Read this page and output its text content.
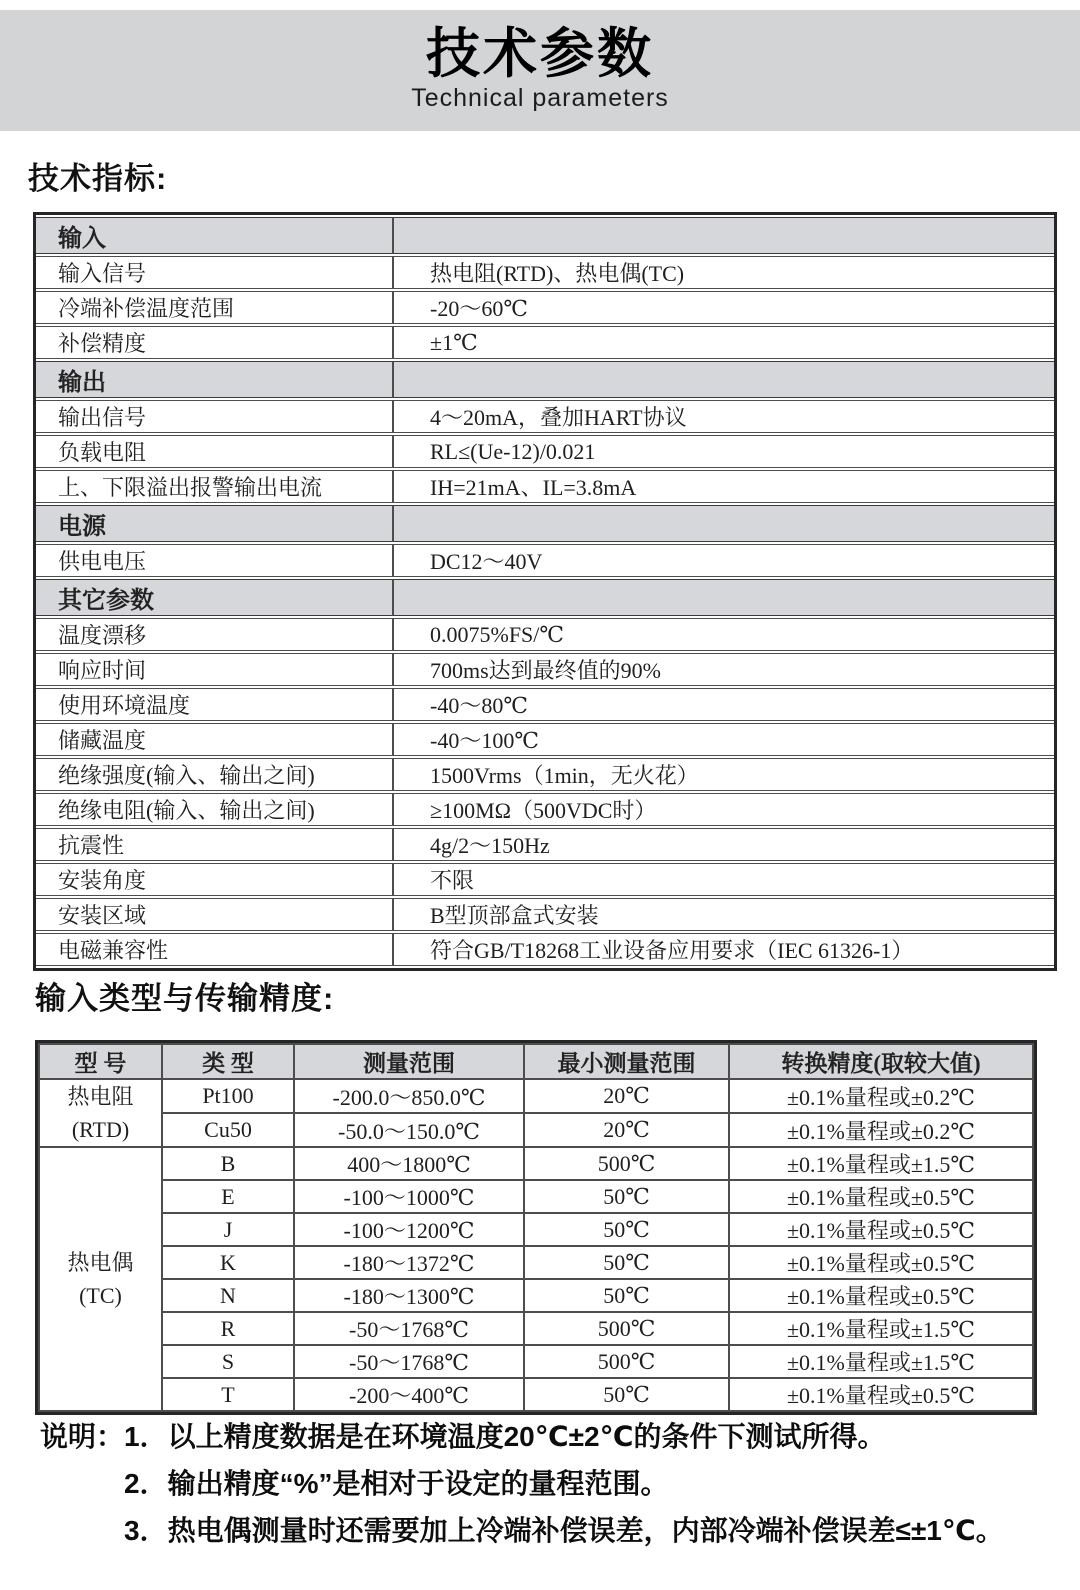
技术参数
Technical parameters
技术指标:
输入	
输入信号	热电阻(RTD)、热电偶(TC)
冷端补偿温度范围	-20～60℃
补偿精度	±1℃
输出	
输出信号	4～20mA，叠加HART协议
负载电阻	RL≤(Ue-12)/0.021
上、下限溢出报警输出电流	IH=21mA、IL=3.8mA
电源	
供电电压	DC12～40V
其它参数	
温度漂移	0.0075%FS/℃
响应时间	700ms达到最终值的90%
使用环境温度	-40～80℃
储藏温度	-40～100℃
绝缘强度(输入、输出之间)	1500Vrms（1min，无火花）
绝缘电阻(输入、输出之间)	≥100MΩ（500VDC时）
抗震性	4g/2～150Hz
安装角度	不限
安装区域	B型顶部盒式安装
电磁兼容性	符合GB/T18268工业设备应用要求（IEC 61326-1）
输入类型与传输精度:
型 号	类 型	测量范围	最小测量范围	转换精度(取较大值)

热电阻
(RTD)	Pt100	-200.0～850.0℃	20℃	±0.1%量程或±0.2℃
	Cu50	-50.0～150.0℃	20℃	±0.1%量程或±0.2℃

热电偶
(TC)	B	400～1800℃	500℃	±0.1%量程或±1.5℃
	E	-100～1000℃	50℃	±0.1%量程或±0.5℃
	J	-100～1200℃	50℃	±0.1%量程或±0.5℃
	K	-180～1372℃	50℃	±0.1%量程或±0.5℃
	N	-180～1300℃	50℃	±0.1%量程或±0.5℃
	R	-50～1768℃	500℃	±0.1%量程或±1.5℃
	S	-50～1768℃	500℃	±0.1%量程或±1.5℃
	T	-200～400℃	50℃	±0.1%量程或±0.5℃
说明： 1．以上精度数据是在环境温度20℃±2℃的条件下测试所得。
2．输出精度“%”是相对于设定的量程范围。
3．热电偶测量时还需要加上冷端补偿误差，内部冷端补偿误差≤±1℃。
